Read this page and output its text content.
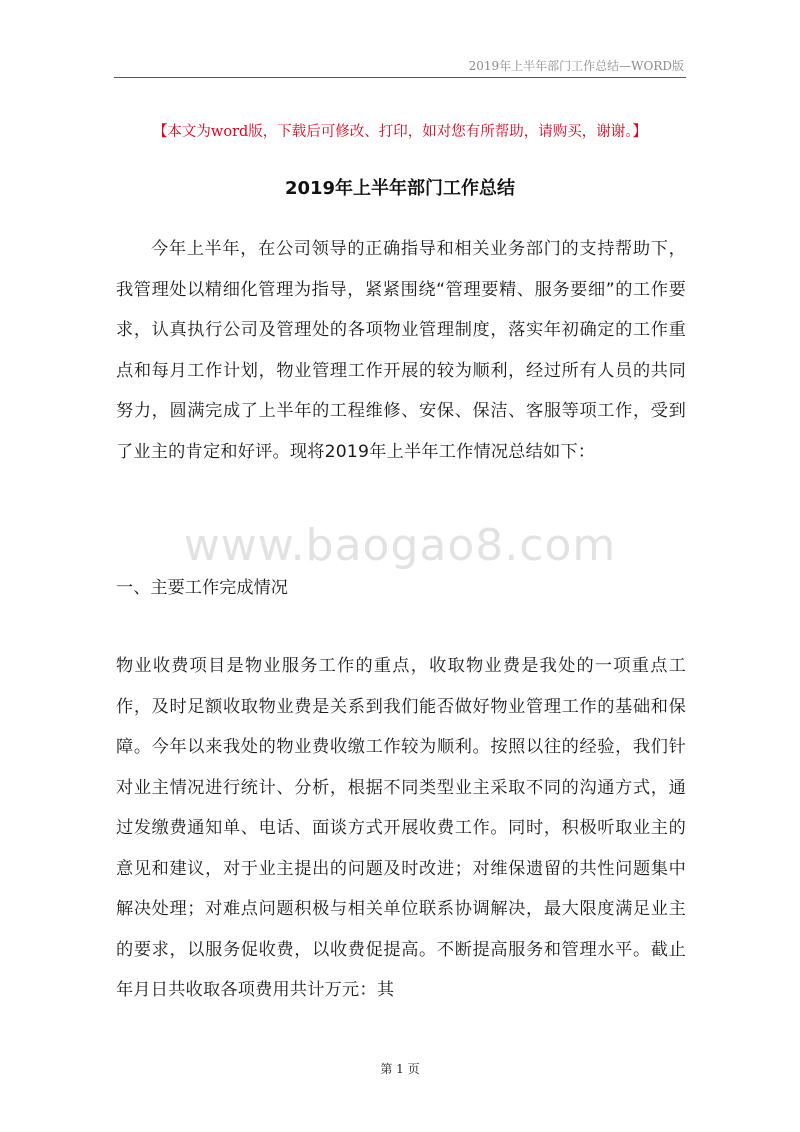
2019年上半年部门工作总结—WORD版
【本文为word版，下载后可修改、打印，如对您有所帮助，请购买，谢谢。】
2019年上半年部门工作总结

今年上半年，在公司领导的正确指导和相关业务部门的支持帮助下，我管理处以精细化管理为指导，紧紧围绕“管理要精、服务要细”的工作要求，认真执行公司及管理处的各项物业管理制度，落实年初确定的工作重点和每月工作计划，物业管理工作开展的较为顺利，经过所有人员的共同努力，圆满完成了上半年的工程维修、安保、保洁、客服等项工作，受到了业主的肯定和好评。现将2019年上半年工作情况总结如下：

www.baogao8.com
一、主要工作完成情况

物业收费项目是物业服务工作的重点，收取物业费是我处的一项重点工作，及时足额收取物业费是关系到我们能否做好物业管理工作的基础和保障。今年以来我处的物业费收缴工作较为顺利。按照以往的经验，我们针对业主情况进行统计、分析，根据不同类型业主采取不同的沟通方式，通过发缴费通知单、电话、面谈方式开展收费工作。同时，积极听取业主的意见和建议，对于业主提出的问题及时改进；对维保遗留的共性问题集中解决处理；对难点问题积极与相关单位联系协调解决，最大限度满足业主的要求，以服务促收费，以收费促提高。不断提高服务和管理水平。截止年月日共收取各项费用共计万元：其

第 1 页
